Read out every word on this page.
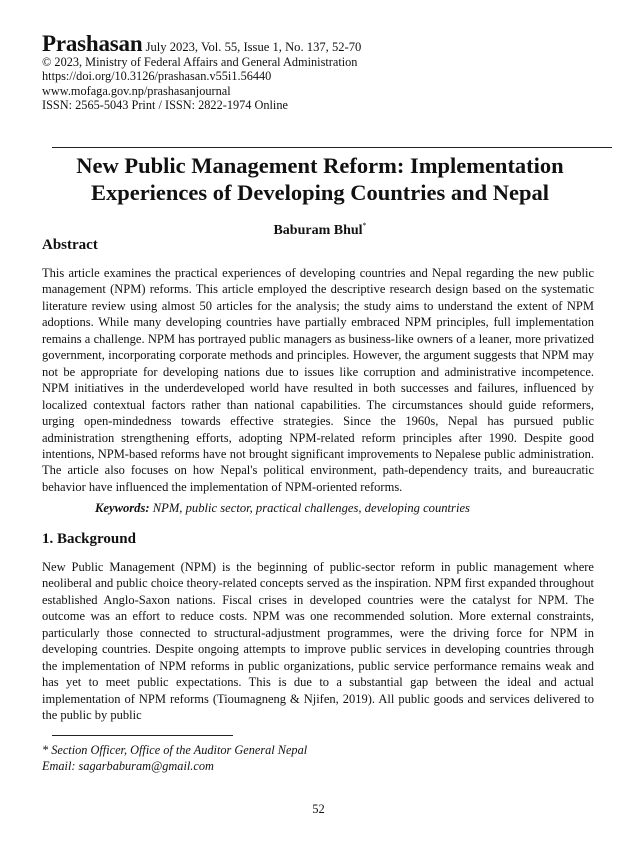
Prashasan July 2023, Vol. 55, Issue 1, No. 137, 52-70
© 2023, Ministry of Federal Affairs and General Administration
https://doi.org/10.3126/prashasan.v55i1.56440
www.mofaga.gov.np/prashasanjournal
ISSN: 2565-5043 Print / ISSN: 2822-1974 Online
New Public Management Reform: Implementation
Experiences of Developing Countries and Nepal
Baburam Bhul*
Abstract
This article examines the practical experiences of developing countries and Nepal regarding the new public management (NPM) reforms. This article employed the descriptive research design based on the systematic literature review using almost 50 articles for the analysis; the study aims to understand the extent of NPM adoptions. While many developing countries have partially embraced NPM principles, full implementation remains a challenge. NPM has portrayed public managers as business-like owners of a leaner, more privatized government, incorporating corporate methods and principles. However, the argument suggests that NPM may not be appropriate for developing nations due to issues like corruption and administrative incompetence. NPM initiatives in the underdeveloped world have resulted in both successes and failures, influenced by localized contextual factors rather than national capabilities. The circumstances should guide reformers, urging open-mindedness towards effective strategies. Since the 1960s, Nepal has pursued public administration strengthening efforts, adopting NPM-related reform principles after 1990. Despite good intentions, NPM-based reforms have not brought significant improvements to Nepalese public administration. The article also focuses on how Nepal's political environment, path-dependency traits, and bureaucratic behavior have influenced the implementation of NPM-oriented reforms.
Keywords: NPM, public sector, practical challenges, developing countries
1. Background
New Public Management (NPM) is the beginning of public-sector reform in public management where neoliberal and public choice theory-related concepts served as the inspiration. NPM first expanded throughout established Anglo-Saxon nations. Fiscal crises in developed countries were the catalyst for NPM. The outcome was an effort to reduce costs. NPM was one recommended solution. More external constraints, particularly those connected to structural-adjustment programmes, were the driving force for NPM in developing countries. Despite ongoing attempts to improve public services in developing countries through the implementation of NPM reforms in public organizations, public service performance remains weak and has yet to meet public expectations. This is due to a substantial gap between the ideal and actual implementation of NPM reforms (Tioumagneng & Njifen, 2019). All public goods and services delivered to the public by public
* Section Officer, Office of the Auditor General Nepal
Email: sagarbaburam@gmail.com
52
